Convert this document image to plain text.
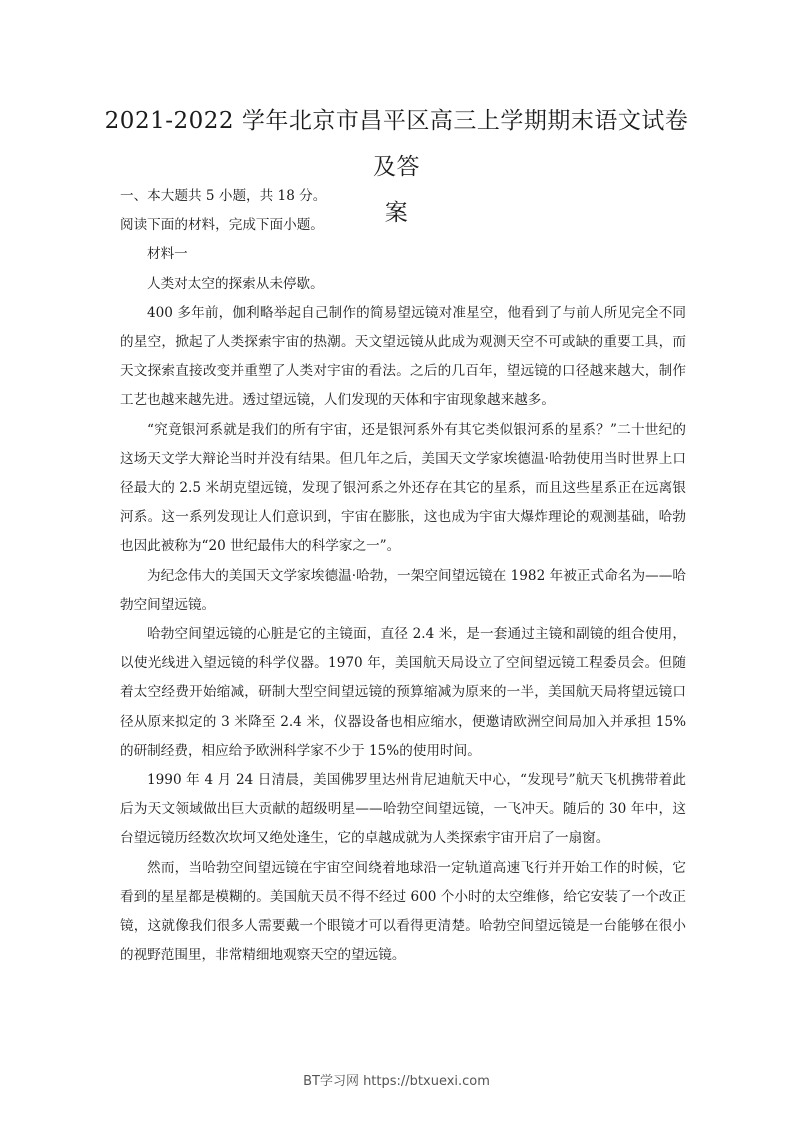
2021-2022 学年北京市昌平区高三上学期期末语文试卷及答
案

一、本大题共 5 小题，共 18 分。

阅读下面的材料，完成下面小题。

材料一

人类对太空的探索从未停歇。

400 多年前，伽利略举起自己制作的简易望远镜对准星空，他看到了与前人所见完全不同的星空，掀起了人类探索宇宙的热潮。天文望远镜从此成为观测天空不可或缺的重要工具，而天文探索直接改变并重塑了人类对宇宙的看法。之后的几百年，望远镜的口径越来越大，制作工艺也越来越先进。透过望远镜，人们发现的天体和宇宙现象越来越多。

“究竟银河系就是我们的所有宇宙，还是银河系外有其它类似银河系的星系？”二十世纪的这场天文学大辩论当时并没有结果。但几年之后，美国天文学家埃德温·哈勃使用当时世界上口径最大的 2.5 米胡克望远镜，发现了银河系之外还存在其它的星系，而且这些星系正在远离银河系。这一系列发现让人们意识到，宇宙在膨胀，这也成为宇宙大爆炸理论的观测基础，哈勃也因此被称为“20 世纪最伟大的科学家之一”。

为纪念伟大的美国天文学家埃德温·哈勃，一架空间望远镜在 1982 年被正式命名为——哈勃空间望远镜。

哈勃空间望远镜的心脏是它的主镜面，直径 2.4 米，是一套通过主镜和副镜的组合使用，以使光线进入望远镜的科学仪器。1970 年，美国航天局设立了空间望远镜工程委员会。但随着太空经费开始缩减，研制大型空间望远镜的预算缩减为原来的一半，美国航天局将望远镜口径从原来拟定的 3 米降至 2.4 米，仪器设备也相应缩水，便邀请欧洲空间局加入并承担 15%的研制经费，相应给予欧洲科学家不少于 15%的使用时间。

1990 年 4 月 24 日清晨，美国佛罗里达州肯尼迪航天中心，“发现号”航天飞机携带着此后为天文领域做出巨大贡献的超级明星——哈勃空间望远镜，一飞冲天。随后的 30 年中，这台望远镜历经数次坎坷又绝处逢生，它的卓越成就为人类探索宇宙开启了一扇窗。

然而，当哈勃空间望远镜在宇宙空间绕着地球沿一定轨道高速飞行并开始工作的时候，它看到的星星都是模糊的。美国航天员不得不经过 600 个小时的太空维修，给它安装了一个改正镜，这就像我们很多人需要戴一个眼镜才可以看得更清楚。哈勃空间望远镜是一台能够在很小的视野范围里，非常精细地观察天空的望远镜。

BT学习网 https://btxuexi.com
